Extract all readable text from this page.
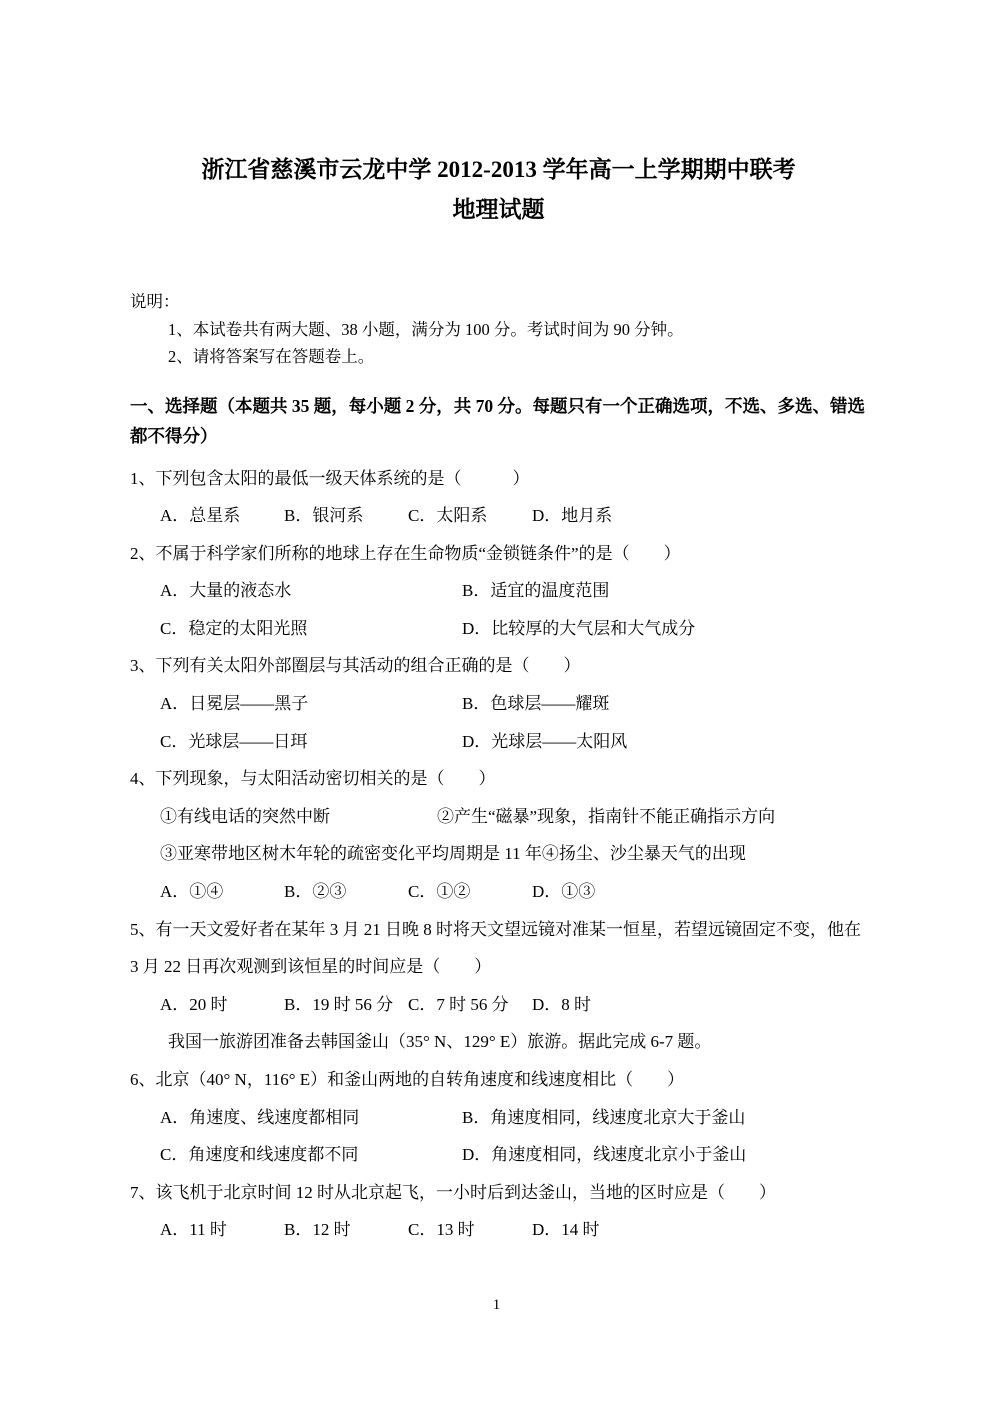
浙江省慈溪市云龙中学 2012-2013 学年高一上学期期中联考
地理试题
说明：
1、本试卷共有两大题、38 小题，满分为 100 分。考试时间为 90 分钟。
2、请将答案写在答题卷上。
一、选择题（本题共 35 题，每小题 2 分，共 70 分。每题只有一个正确选项，不选、多选、错选都不得分）
1、下列包含太阳的最低一级天体系统的是（　　　）
A．总星系	B．银河系	C．太阳系	D．地月系
2、不属于科学家们所称的地球上存在生命物质“金锁链条件”的是（　　）
A．大量的液态水	B．适宜的温度范围
C．稳定的太阳光照	D．比较厚的大气层和大气成分
3、下列有关太阳外部圈层与其活动的组合正确的是（　　）
A．日冕层——黑子	B．色球层——耀斑
C．光球层——日珥	D．光球层——太阳风
4、下列现象，与太阳活动密切相关的是（　　）
①有线电话的突然中断	②产生“磁暴”现象，指南针不能正确指示方向
③亚寒带地区树木年轮的疏密变化平均周期是 11 年④扬尘、沙尘暴天气的出现
A．①④	B．②③	C．①②	D．①③
5、有一天文爱好者在某年 3 月 21 日晚 8 时将天文望远镜对准某一恒星，若望远镜固定不变，他在 3 月 22 日再次观测到该恒星的时间应是（　　）
A．20 时	B．19 时 56 分 C．7 时 56 分 D．8 时
我国一旅游团准备去韩国釜山（35° N、129° E）旅游。据此完成 6-7 题。
6、北京（40° N，116° E）和釜山两地的自转角速度和线速度相比（　　）
A．角速度、线速度都相同	B．角速度相同，线速度北京大于釜山
C．角速度和线速度都不同	D．角速度相同，线速度北京小于釜山
7、该飞机于北京时间 12 时从北京起飞，一小时后到达釜山，当地的区时应是（　　）
A．11 时	B．12 时	C．13 时	D．14 时
1
